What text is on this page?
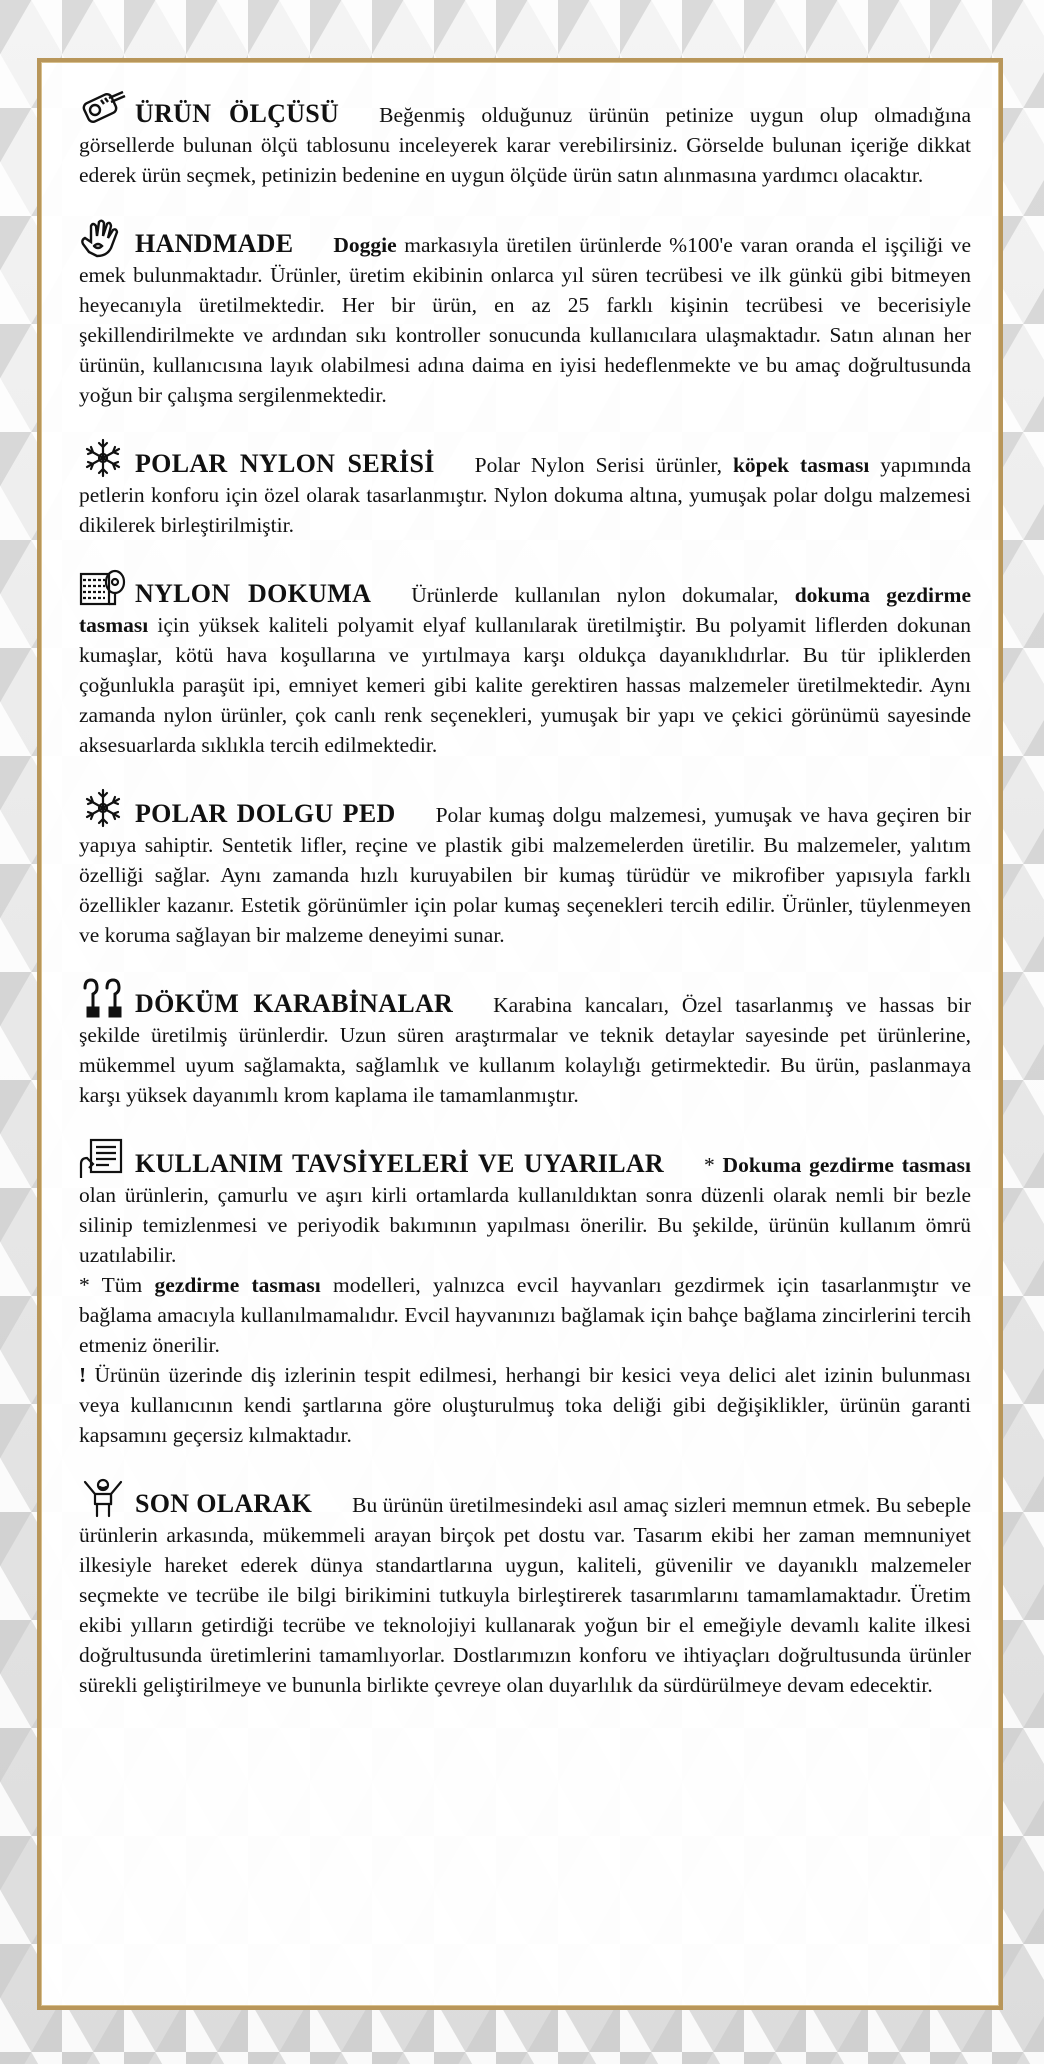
ÜRÜN ÖLÇÜSÜ Beğenmiş olduğunuz ürünün petinize uygun olup olmadığına görsellerde bulunan ölçü tablosunu inceleyerek karar verebilirsiniz. Görselde bulunan içeriğe dikkat ederek ürün seçmek, petinizin bedenine en uygun ölçüde ürün satın alınmasına yardımcı olacaktır.

HANDMADE Doggie markasıyla üretilen ürünlerde %100'e varan oranda el işçiliği ve emek bulunmaktadır. Ürünler, üretim ekibinin onlarca yıl süren tecrübesi ve ilk günkü gibi bitmeyen heyecanıyla üretilmektedir. Her bir ürün, en az 25 farklı kişinin tecrübesi ve becerisiyle şekillendirilmekte ve ardından sıkı kontroller sonucunda kullanıcılara ulaşmaktadır. Satın alınan her ürünün, kullanıcısına layık olabilmesi adına daima en iyisi hedeflenmekte ve bu amaç doğrultusunda yoğun bir çalışma sergilenmektedir.

POLAR NYLON SERİSİ Polar Nylon Serisi ürünler, köpek tasması yapımında petlerin konforu için özel olarak tasarlanmıştır. Nylon dokuma altına, yumuşak polar dolgu malzemesi dikilerek birleştirilmiştir.

NYLON DOKUMA Ürünlerde kullanılan nylon dokumalar, dokuma gezdirme tasması için yüksek kaliteli polyamit elyaf kullanılarak üretilmiştir. Bu polyamit liflerden dokunan kumaşlar, kötü hava koşullarına ve yırtılmaya karşı oldukça dayanıklıdırlar. Bu tür ipliklerden çoğunlukla paraşüt ipi, emniyet kemeri gibi kalite gerektiren hassas malzemeler üretilmektedir. Aynı zamanda nylon ürünler, çok canlı renk seçenekleri, yumuşak bir yapı ve çekici görünümü sayesinde aksesuarlarda sıklıkla tercih edilmektedir.

POLAR DOLGU PED Polar kumaş dolgu malzemesi, yumuşak ve hava geçiren bir yapıya sahiptir. Sentetik lifler, reçine ve plastik gibi malzemelerden üretilir. Bu malzemeler, yalıtım özelliği sağlar. Aynı zamanda hızlı kuruyabilen bir kumaş türüdür ve mikrofiber yapısıyla farklı özellikler kazanır. Estetik görünümler için polar kumaş seçenekleri tercih edilir. Ürünler, tüylenmeyen ve koruma sağlayan bir malzeme deneyimi sunar.

DÖKÜM KARABİNALAR Karabina kancaları, Özel tasarlanmış ve hassas bir şekilde üretilmiş ürünlerdir. Uzun süren araştırmalar ve teknik detaylar sayesinde pet ürünlerine, mükemmel uyum sağlamakta, sağlamlık ve kullanım kolaylığı getirmektedir. Bu ürün, paslanmaya karşı yüksek dayanımlı krom kaplama ile tamamlanmıştır.

KULLANIM TAVSİYELERİ VE UYARILAR * Dokuma gezdirme tasması olan ürünlerin, çamurlu ve aşırı kirli ortamlarda kullanıldıktan sonra düzenli olarak nemli bir bezle silinip temizlenmesi ve periyodik bakımının yapılması önerilir. Bu şekilde, ürünün kullanım ömrü uzatılabilir.
* Tüm gezdirme tasması modelleri, yalnızca evcil hayvanları gezdirmek için tasarlanmıştır ve bağlama amacıyla kullanılmamalıdır. Evcil hayvanınızı bağlamak için bahçe bağlama zincirlerini tercih etmeniz önerilir.
! Ürünün üzerinde diş izlerinin tespit edilmesi, herhangi bir kesici veya delici alet izinin bulunması veya kullanıcının kendi şartlarına göre oluşturulmuş toka deliği gibi değişiklikler, ürünün garanti kapsamını geçersiz kılmaktadır.

SON OLARAK Bu ürünün üretilmesindeki asıl amaç sizleri memnun etmek. Bu sebeple ürünlerin arkasında, mükemmeli arayan birçok pet dostu var. Tasarım ekibi her zaman memnuniyet ilkesiyle hareket ederek dünya standartlarına uygun, kaliteli, güvenilir ve dayanıklı malzemeler seçmekte ve tecrübe ile bilgi birikimini tutkuyla birleştirerek tasarımlarını tamamlamaktadır. Üretim ekibi yılların getirdiği tecrübe ve teknolojiyi kullanarak yoğun bir el emeğiyle devamlı kalite ilkesi doğrultusunda üretimlerini tamamlıyorlar. Dostlarımızın konforu ve ihtiyaçları doğrultusunda ürünler sürekli geliştirilmeye ve bununla birlikte çevreye olan duyarlılık da sürdürülmeye devam edecektir.
